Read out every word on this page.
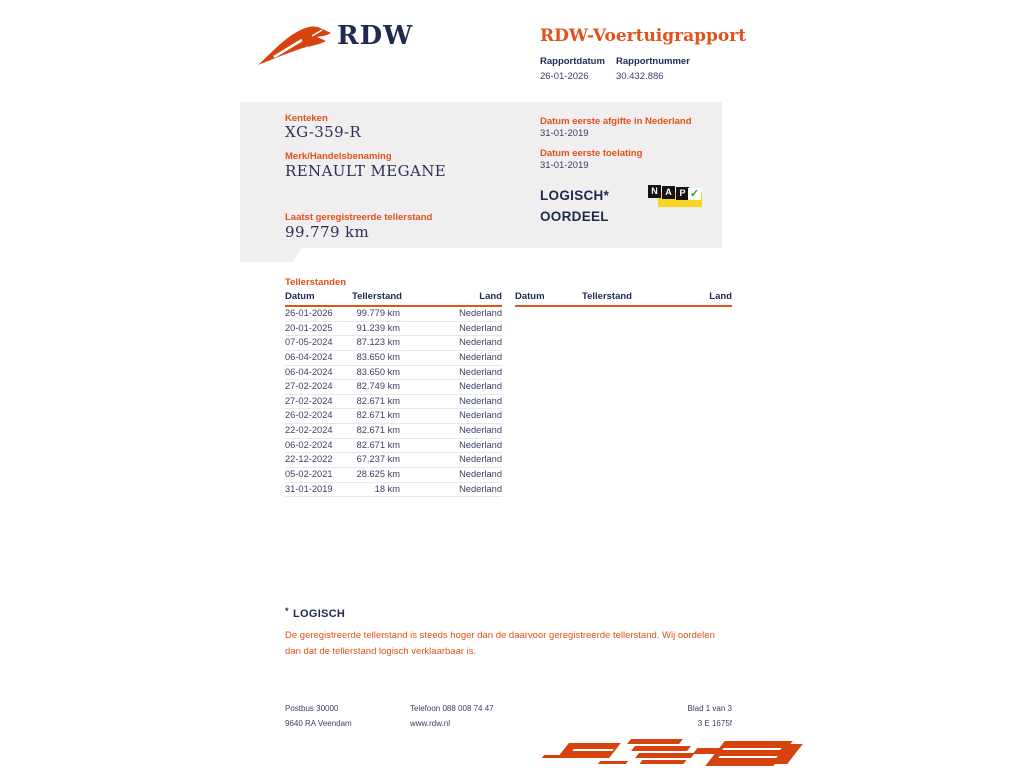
RDW	RDW-Voertuigrapport
Rapportdatum
26-01-2026
Rapportnummer
30.432.886
Kenteken
XG-359-R
Merk/Handelsbenaming
RENAULT MEGANE
Laatst geregistreerde tellerstand
99.779 km
Datum eerste afgifte in Nederland
31-01-2019
Datum eerste toelating
31-01-2019
LOGISCH*
OORDEEL
N A P ✓
Tellerstanden
Datum	Tellerstand	Land
26-01-2026	99.779 km	Nederland
20-01-2025	91.239 km	Nederland
07-05-2024	87.123 km	Nederland
06-04-2024	83.650 km	Nederland
06-04-2024	83.650 km	Nederland
27-02-2024	82.749 km	Nederland
27-02-2024	82.671 km	Nederland
26-02-2024	82.671 km	Nederland
22-02-2024	82.671 km	Nederland
06-02-2024	82.671 km	Nederland
22-12-2022	67.237 km	Nederland
05-02-2021	28.625 km	Nederland
31-01-2019	18 km	Nederland
Datum	Tellerstand	Land
* LOGISCH
De geregistreerde tellerstand is steeds hoger dan de daarvoor geregistreerde tellerstand. Wij oordelen dan dat de tellerstand logisch verklaarbaar is.
Postbus 30000
9640 RA Veendam
Telefoon 088 008 74 47
www.rdw.nl
Blad 1 van 3
3 E 1675f
